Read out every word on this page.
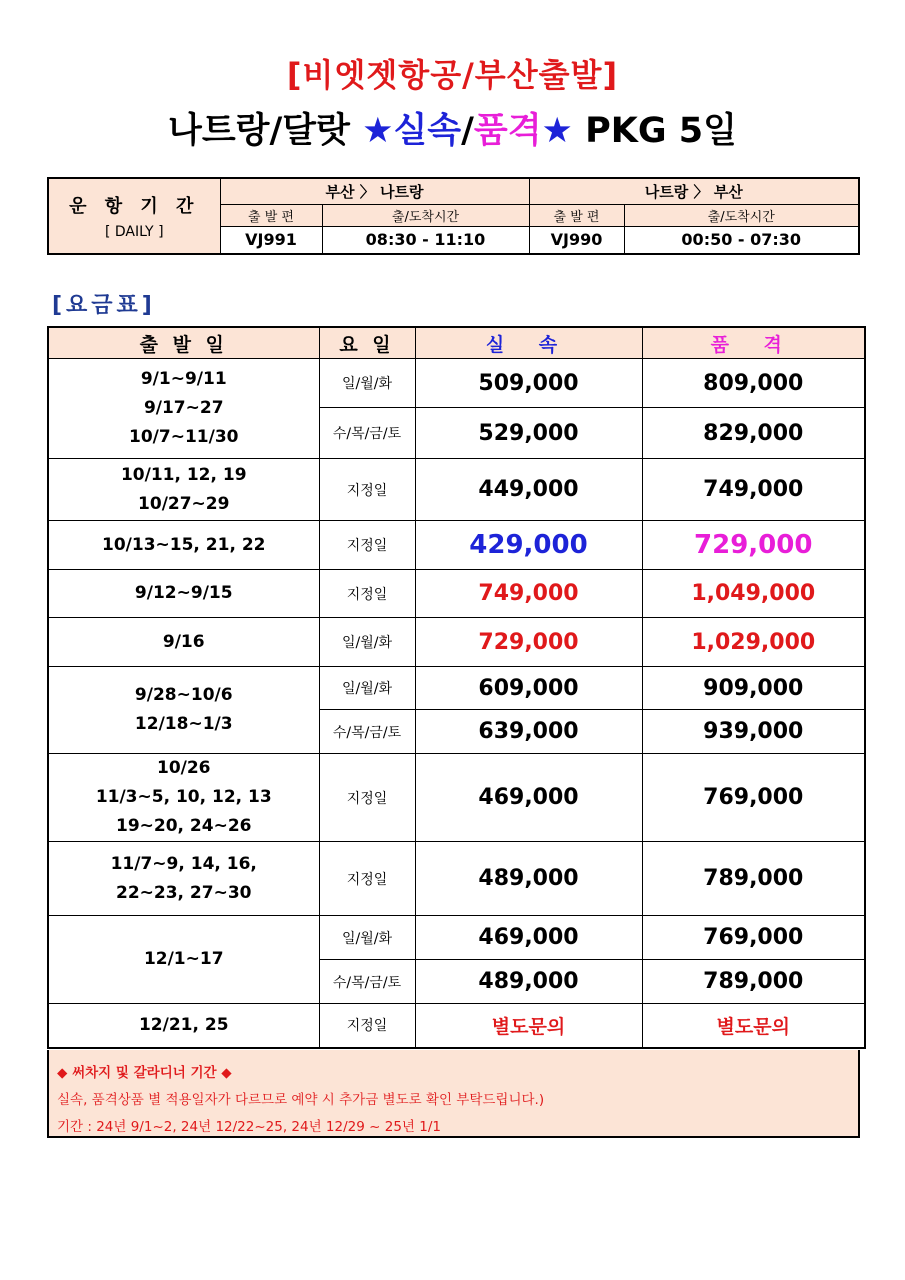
[비엣젯항공/부산출발]
나트랑/달랏 ★실속/품격★ PKG 5일
운 항 기 간
[ DAILY ]	부산 〉 나트랑		나트랑 〉 부산	
	출 발 편	출/도착시간	출 발 편	출/도착시간
	VJ991	08:30 - 11:10	VJ990	00:50 - 07:30
[요금표]
출 발 일	요 일	실 속	품 격

9/1~9/11
9/17~27
10/7~11/30	일/월/화	509,000	809,000
	수/목/금/토	529,000	829,000

10/11, 12, 19
10/27~29	지정일	449,000	749,000

10/13~15, 21, 22	지정일	429,000	729,000

9/12~9/15	지정일	749,000	1,049,000

9/16	일/월/화	729,000	1,029,000

9/28~10/6
12/18~1/3	일/월/화	609,000	909,000
	수/목/금/토	639,000	939,000

10/26
11/3~5, 10, 12, 13
19~20, 24~26	지정일	469,000	769,000

11/7~9, 14, 16,
22~23, 27~30	지정일	489,000	789,000

12/1~17	일/월/화	469,000	769,000
	수/목/금/토	489,000	789,000

12/21, 25	지정일	별도문의	별도문의
◆ 써차지 및 갈라디너 기간 ◆
실속, 품격상품 별 적용일자가 다르므로 예약 시 추가금 별도로 확인 부탁드립니다.)
기간 : 24년 9/1~2, 24년 12/22~25, 24년 12/29 ~ 25년 1/1
